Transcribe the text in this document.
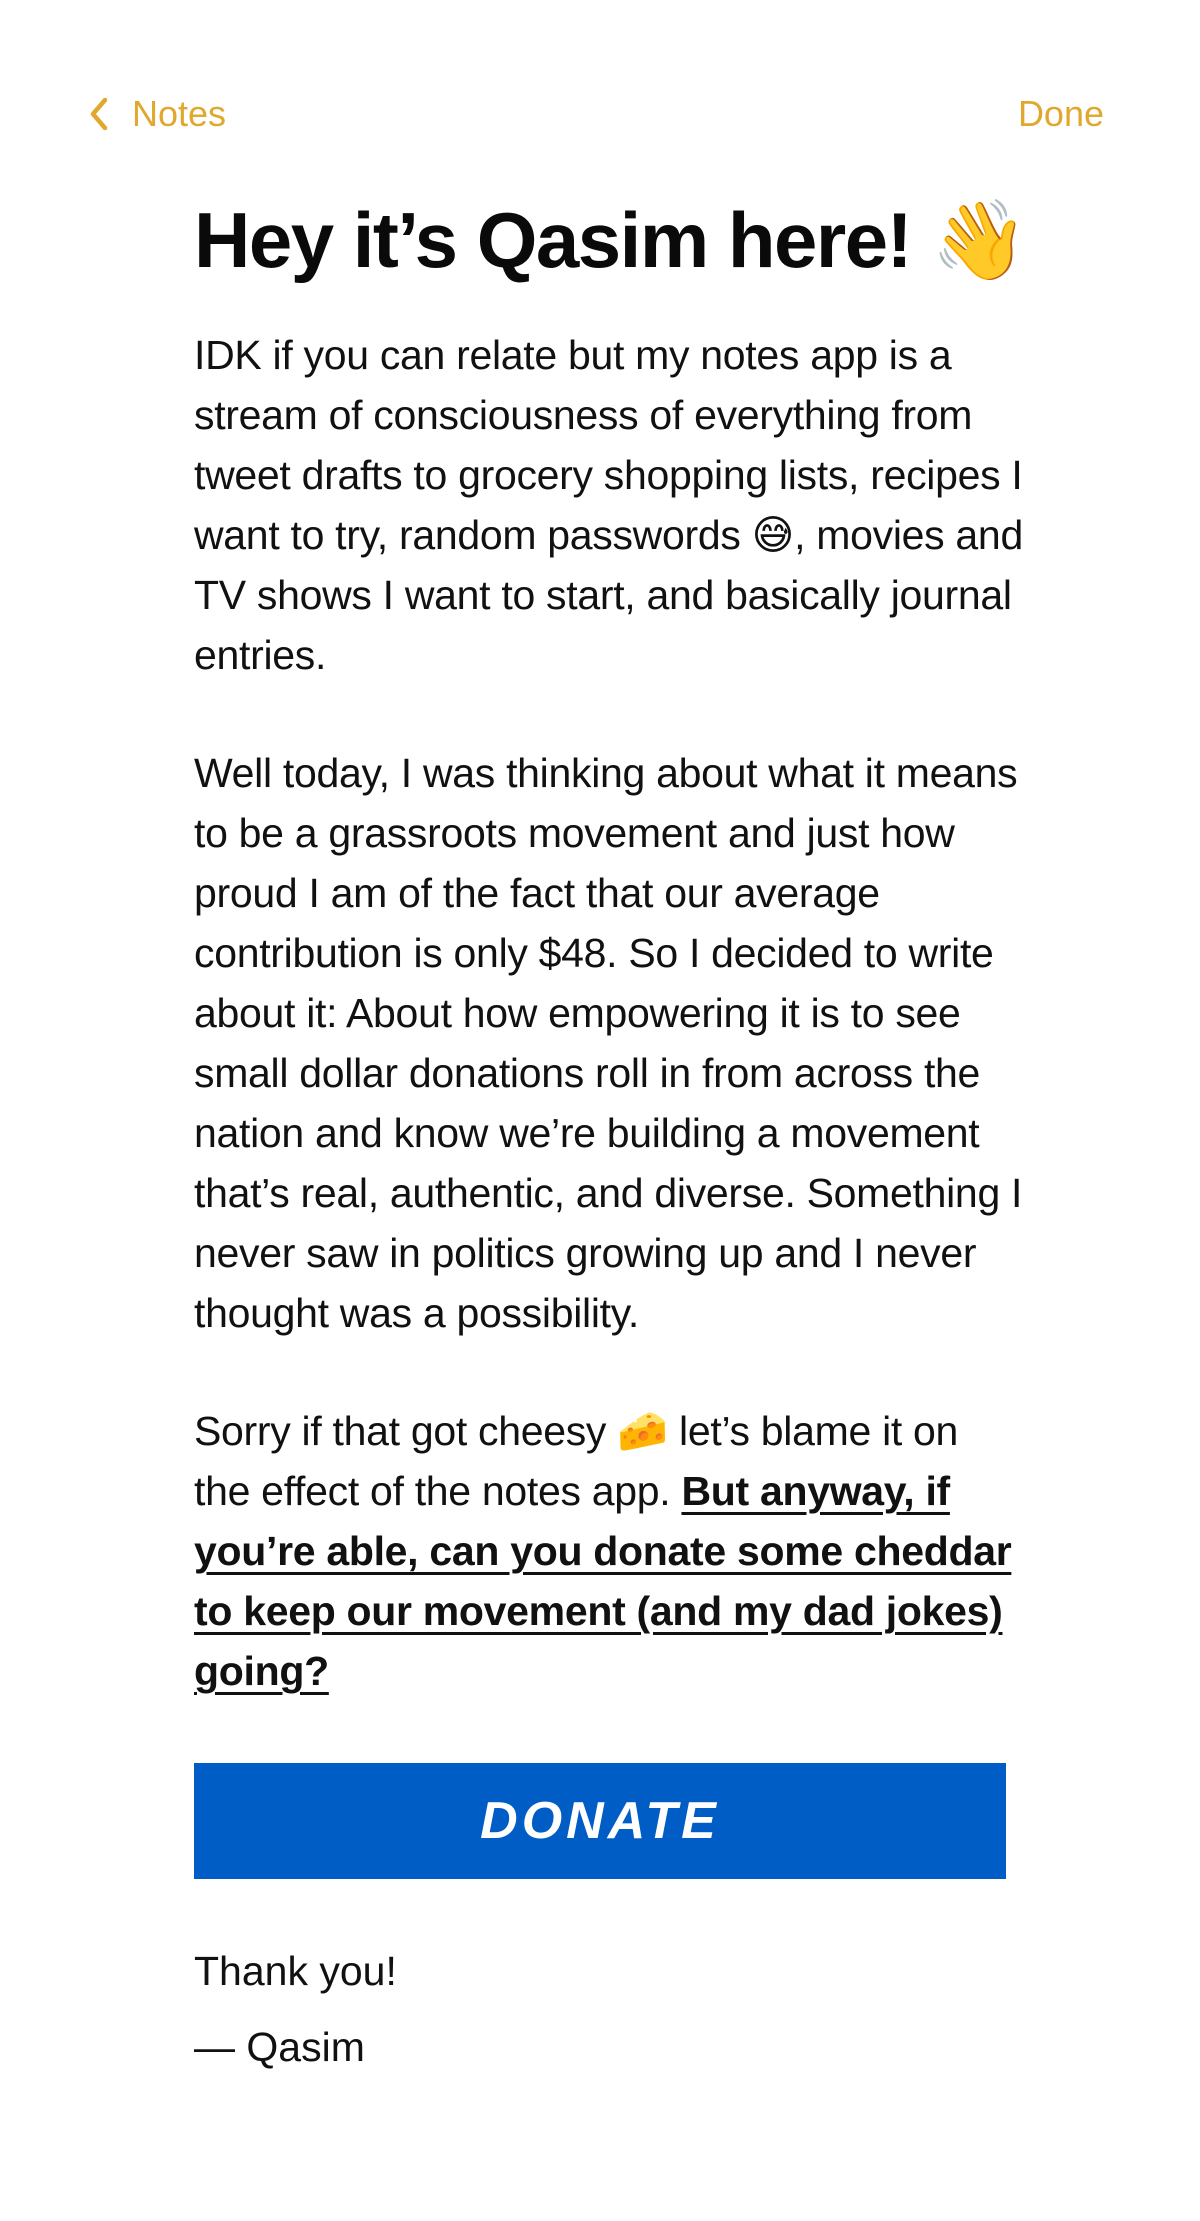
Notes	Done
Hey it’s Qasim here! 👋

IDK if you can relate but my notes app is a stream of consciousness of everything from tweet drafts to grocery shopping lists, recipes I want to try, random passwords 😅, movies and TV shows I want to start, and basically journal entries.

Well today, I was thinking about what it means to be a grassroots movement and just how proud I am of the fact that our average contribution is only $48. So I decided to write about it: About how empowering it is to see small dollar donations roll in from across the nation and know we’re building a movement that’s real, authentic, and diverse. Something I never saw in politics growing up and I never thought was a possibility.

Sorry if that got cheesy 🧀 let’s blame it on the effect of the notes app. But anyway, if you’re able, can you donate some cheddar to keep our movement (and my dad jokes) going?

DONATE

Thank you!

— Qasim
